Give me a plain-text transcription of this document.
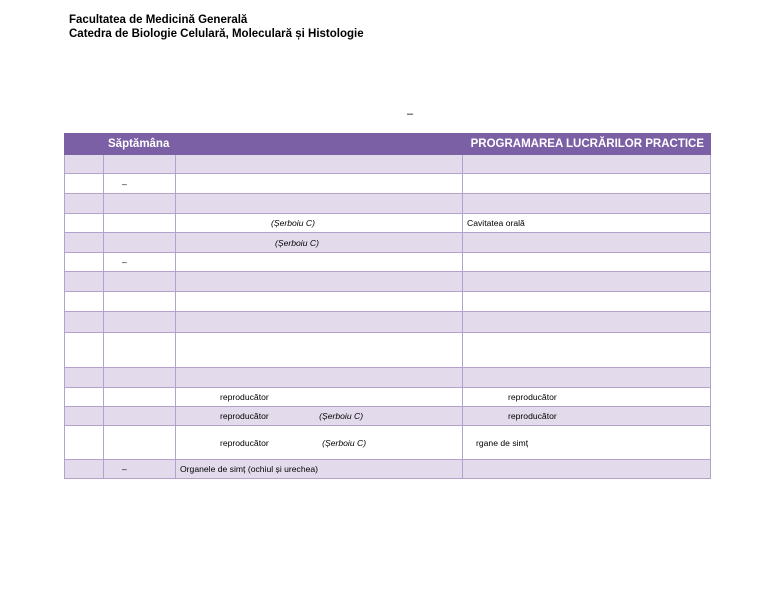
Facultatea de Medicină Generală
Catedra de Biologie Celulară, Moleculară și Histologie
–
	Săptămâna		PROGRAMAREA LUCRĂRILOR PRACTICE

	–		

		(Șerboiu C)	Cavitatea orală
		(Șerboiu C)	
	–		

		reproducător	reproducător
		reproducător (Șerboiu C)	reproducător
		reproducător (Șerboiu C)	rgane de simț
	–	Organele de simț (ochiul și urechea)	
